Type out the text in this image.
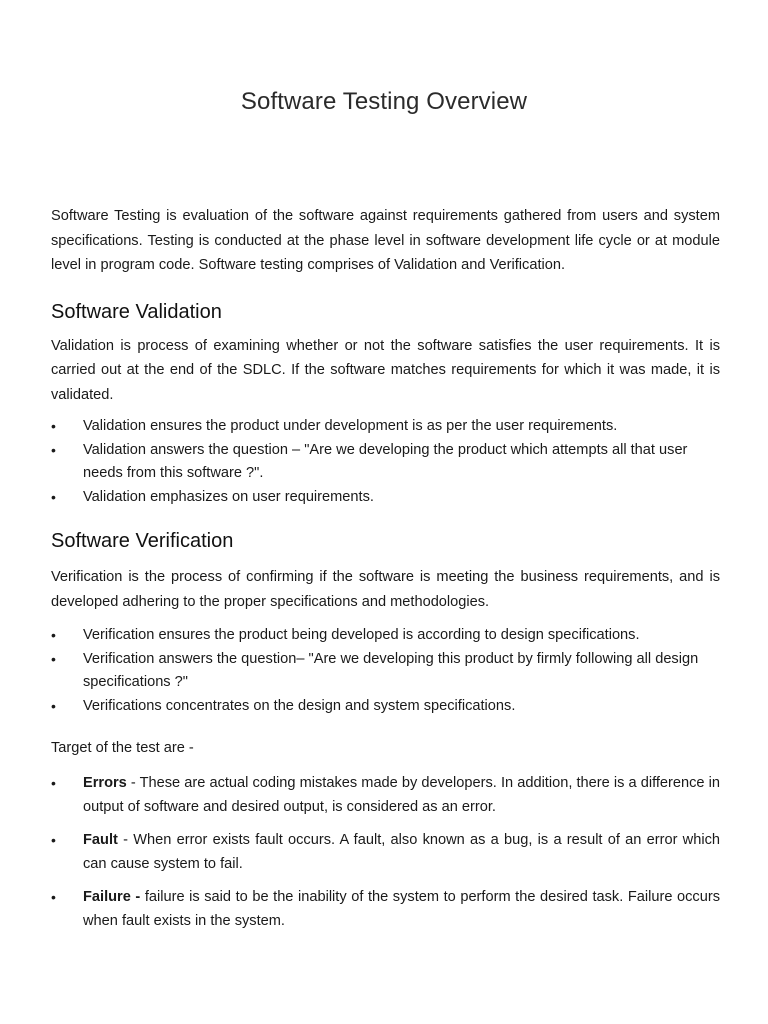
Software Testing Overview

Software Testing is evaluation of the software against requirements gathered from users and system specifications. Testing is conducted at the phase level in software development life cycle or at module level in program code. Software testing comprises of Validation and Verification.

Software Validation

Validation is process of examining whether or not the software satisfies the user requirements. It is carried out at the end of the SDLC. If the software matches requirements for which it was made, it is validated.

• Validation ensures the product under development is as per the user requirements.
• Validation answers the question – "Are we developing the product which attempts all that user needs from this software ?".
• Validation emphasizes on user requirements.
Software Verification

Verification is the process of confirming if the software is meeting the business requirements, and is developed adhering to the proper specifications and methodologies.

• Verification ensures the product being developed is according to design specifications.
• Verification answers the question– "Are we developing this product by firmly following all design specifications ?"
• Verifications concentrates on the design and system specifications.

Target of the test are -

• Errors - These are actual coding mistakes made by developers. In addition, there is a difference in output of software and desired output, is considered as an error.
• Fault - When error exists fault occurs. A fault, also known as a bug, is a result of an error which can cause system to fail.
• Failure - failure is said to be the inability of the system to perform the desired task. Failure occurs when fault exists in the system.
